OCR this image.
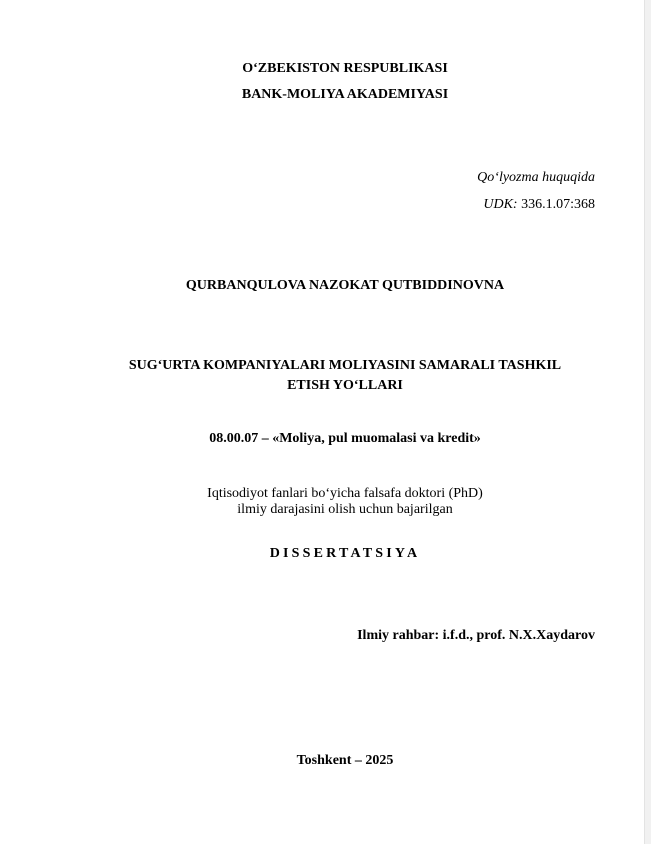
O‘ZBEKISTON RESPUBLIKASI
BANK-MOLIYA AKADEMIYASI
Qo‘lyozma huquqida
UDK: 336.1.07:368
QURBANQULOVA NAZOKAT QUTBIDDINOVNA
SUG‘URTA KOMPANIYALARI MOLIYASINI SAMARALI TASHKIL
ETISH YO‘LLARI
08.00.07 – «Moliya, pul muomalasi va kredit»
Iqtisodiyot fanlari bo‘yicha falsafa doktori (PhD)
ilmiy darajasini olish uchun bajarilgan
DISSERTATSIYA
Ilmiy rahbar: i.f.d., prof. N.X.Xaydarov
Toshkent – 2025
